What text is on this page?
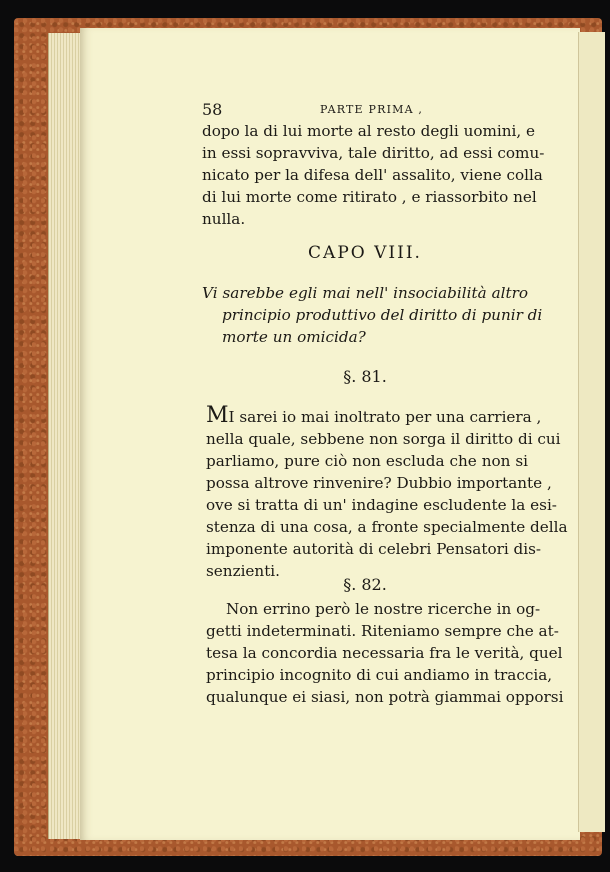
58	PARTE PRIMA ,
dopo la di lui morte al resto degli uomini, e
in essi sopravviva, tale diritto, ad essi comu-
nicato per la difesa dell' assalito, viene colla
di lui morte come ritirato , e riassorbito nel
nulla.
CAPO VIII.
Vi sarebbe egli mai nell' insociabilità altro
principio produttivo del diritto di punir di
morte un omicida?
§. 81.
MI sarei io mai inoltrato per una carriera ,
nella quale, sebbene non sorga il diritto di cui
parliamo, pure ciò non escluda che non si
possa altrove rinvenire? Dubbio importante ,
ove si tratta di un' indagine escludente la esi-
stenza di una cosa, a fronte specialmente della
imponente autorità di celebri Pensatori dis-
senzienti.
§. 82.
Non errino però le nostre ricerche in og-
getti indeterminati. Riteniamo sempre che at-
tesa la concordia necessaria fra le verità, quel
principio incognito di cui andiamo in traccia,
qualunque ei siasi, non potrà giammai opporsi
